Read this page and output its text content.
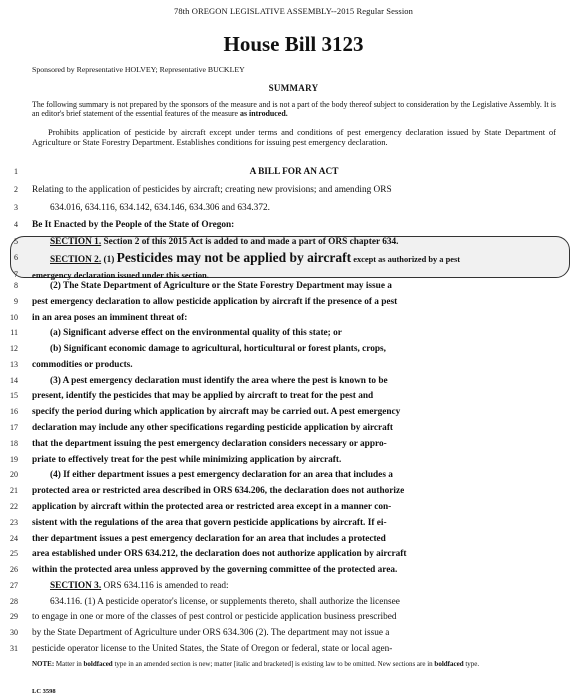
78th OREGON LEGISLATIVE ASSEMBLY--2015 Regular Session
House Bill 3123
Sponsored by Representative HOLVEY; Representative BUCKLEY
SUMMARY
The following summary is not prepared by the sponsors of the measure and is not a part of the body thereof subject to consideration by the Legislative Assembly. It is an editor's brief statement of the essential features of the measure as introduced.
Prohibits application of pesticide by aircraft except under terms and conditions of pest emergency declaration issued by State Department of Agriculture or State Forestry Department. Establishes conditions for issuing pest emergency declaration.
1	A BILL FOR AN ACT
2 Relating to the application of pesticides by aircraft; creating new provisions; and amending ORS
3	634.016, 634.116, 634.142, 634.146, 634.306 and 634.372.
4 Be It Enacted by the People of the State of Oregon:
5	SECTION 1. Section 2 of this 2015 Act is added to and made a part of ORS chapter 634.
6	SECTION 2. (1) Pesticides may not be applied by aircraft except as authorized by a pest
7 emergency declaration issued under this section.
8	(2) The State Department of Agriculture or the State Forestry Department may issue a
9 pest emergency declaration to allow pesticide application by aircraft if the presence of a pest
10 in an area poses an imminent threat of:
11	(a) Significant adverse effect on the environmental quality of this state; or
12	(b) Significant economic damage to agricultural, horticultural or forest plants, crops,
13 commodities or products.
14	(3) A pest emergency declaration must identify the area where the pest is known to be
15 present, identify the pesticides that may be applied by aircraft to treat for the pest and
16 specify the period during which application by aircraft may be carried out. A pest emergency
17 declaration may include any other specifications regarding pesticide application by aircraft
18 that the department issuing the pest emergency declaration considers necessary or appro-
19 priate to effectively treat for the pest while minimizing application by aircraft.
20	(4) If either department issues a pest emergency declaration for an area that includes a
21 protected area or restricted area described in ORS 634.206, the declaration does not authorize
22 application by aircraft within the protected area or restricted area except in a manner con-
23 sistent with the regulations of the area that govern pesticide applications by aircraft. If ei-
24 ther department issues a pest emergency declaration for an area that includes a protected
25 area established under ORS 634.212, the declaration does not authorize application by aircraft
26 within the protected area unless approved by the governing committee of the protected area.
27	SECTION 3. ORS 634.116 is amended to read:
28	634.116. (1) A pesticide operator's license, or supplements thereto, shall authorize the licensee
29 to engage in one or more of the classes of pest control or pesticide application business prescribed
30 by the State Department of Agriculture under ORS 634.306 (2). The department may not issue a
31 pesticide operator license to the United States, the State of Oregon or federal, state or local agen-
NOTE: Matter in boldfaced type in an amended section is new; matter [italic and bracketed] is existing law to be omitted. New sections are in boldfaced type.
LC 3598
